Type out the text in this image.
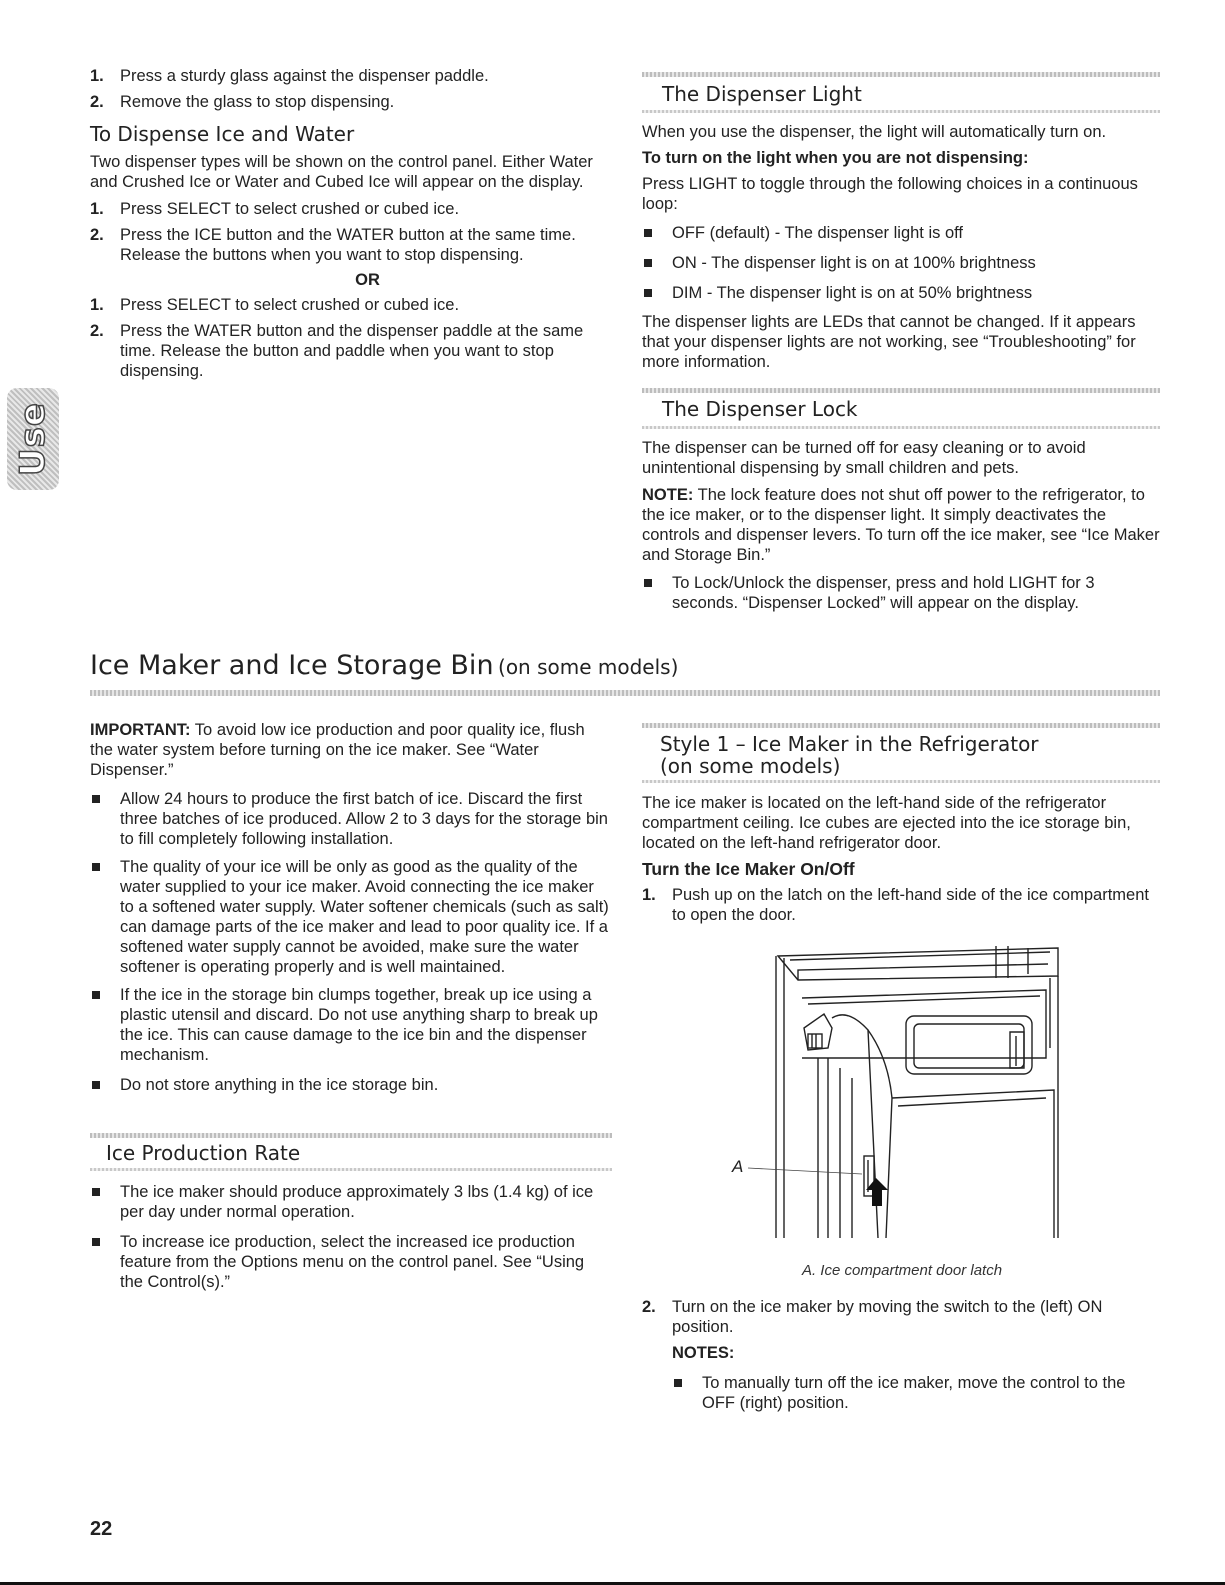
1. Press a sturdy glass against the dispenser paddle.
2. Remove the glass to stop dispensing.
To Dispense Ice and Water
Two dispenser types will be shown on the control panel. Either Water and Crushed Ice or Water and Cubed Ice will appear on the display.
1. Press SELECT to select crushed or cubed ice.
2. Press the ICE button and the WATER button at the same time. Release the buttons when you want to stop dispensing.
OR
1. Press SELECT to select crushed or cubed ice.
2. Press the WATER button and the dispenser paddle at the same time. Release the button and paddle when you want to stop dispensing.
Use
The Dispenser Light
When you use the dispenser, the light will automatically turn on.
To turn on the light when you are not dispensing:
Press LIGHT to toggle through the following choices in a continuous loop:
OFF (default) - The dispenser light is off
ON - The dispenser light is on at 100% brightness
DIM - The dispenser light is on at 50% brightness
The dispenser lights are LEDs that cannot be changed. If it appears that your dispenser lights are not working, see “Troubleshooting” for more information.
The Dispenser Lock
The dispenser can be turned off for easy cleaning or to avoid unintentional dispensing by small children and pets.
NOTE: The lock feature does not shut off power to the refrigerator, to the ice maker, or to the dispenser light. It simply deactivates the controls and dispenser levers. To turn off the ice maker, see “Ice Maker and Storage Bin.”
To Lock/Unlock the dispenser, press and hold LIGHT for 3 seconds. “Dispenser Locked” will appear on the display.
Ice Maker and Ice Storage Bin (on some models)
IMPORTANT: To avoid low ice production and poor quality ice, flush the water system before turning on the ice maker. See “Water Dispenser.”
Allow 24 hours to produce the first batch of ice. Discard the first three batches of ice produced. Allow 2 to 3 days for the storage bin to fill completely following installation.
The quality of your ice will be only as good as the quality of the water supplied to your ice maker. Avoid connecting the ice maker to a softened water supply. Water softener chemicals (such as salt) can damage parts of the ice maker and lead to poor quality ice. If a softened water supply cannot be avoided, make sure the water softener is operating properly and is well maintained.
If the ice in the storage bin clumps together, break up ice using a plastic utensil and discard. Do not use anything sharp to break up the ice. This can cause damage to the ice bin and the dispenser mechanism.
Do not store anything in the ice storage bin.
Ice Production Rate
The ice maker should produce approximately 3 lbs (1.4 kg) of ice per day under normal operation.
To increase ice production, select the increased ice production feature from the Options menu on the control panel. See “Using the Control(s).”
Style 1 – Ice Maker in the Refrigerator
(on some models)
The ice maker is located on the left-hand side of the refrigerator compartment ceiling. Ice cubes are ejected into the ice storage bin, located on the left-hand refrigerator door.
Turn the Ice Maker On/Off
1. Push up on the latch on the left-hand side of the ice compartment to open the door.
A
A. Ice compartment door latch
2. Turn on the ice maker by moving the switch to the (left) ON position.
NOTES:
To manually turn off the ice maker, move the control to the OFF (right) position.
22
